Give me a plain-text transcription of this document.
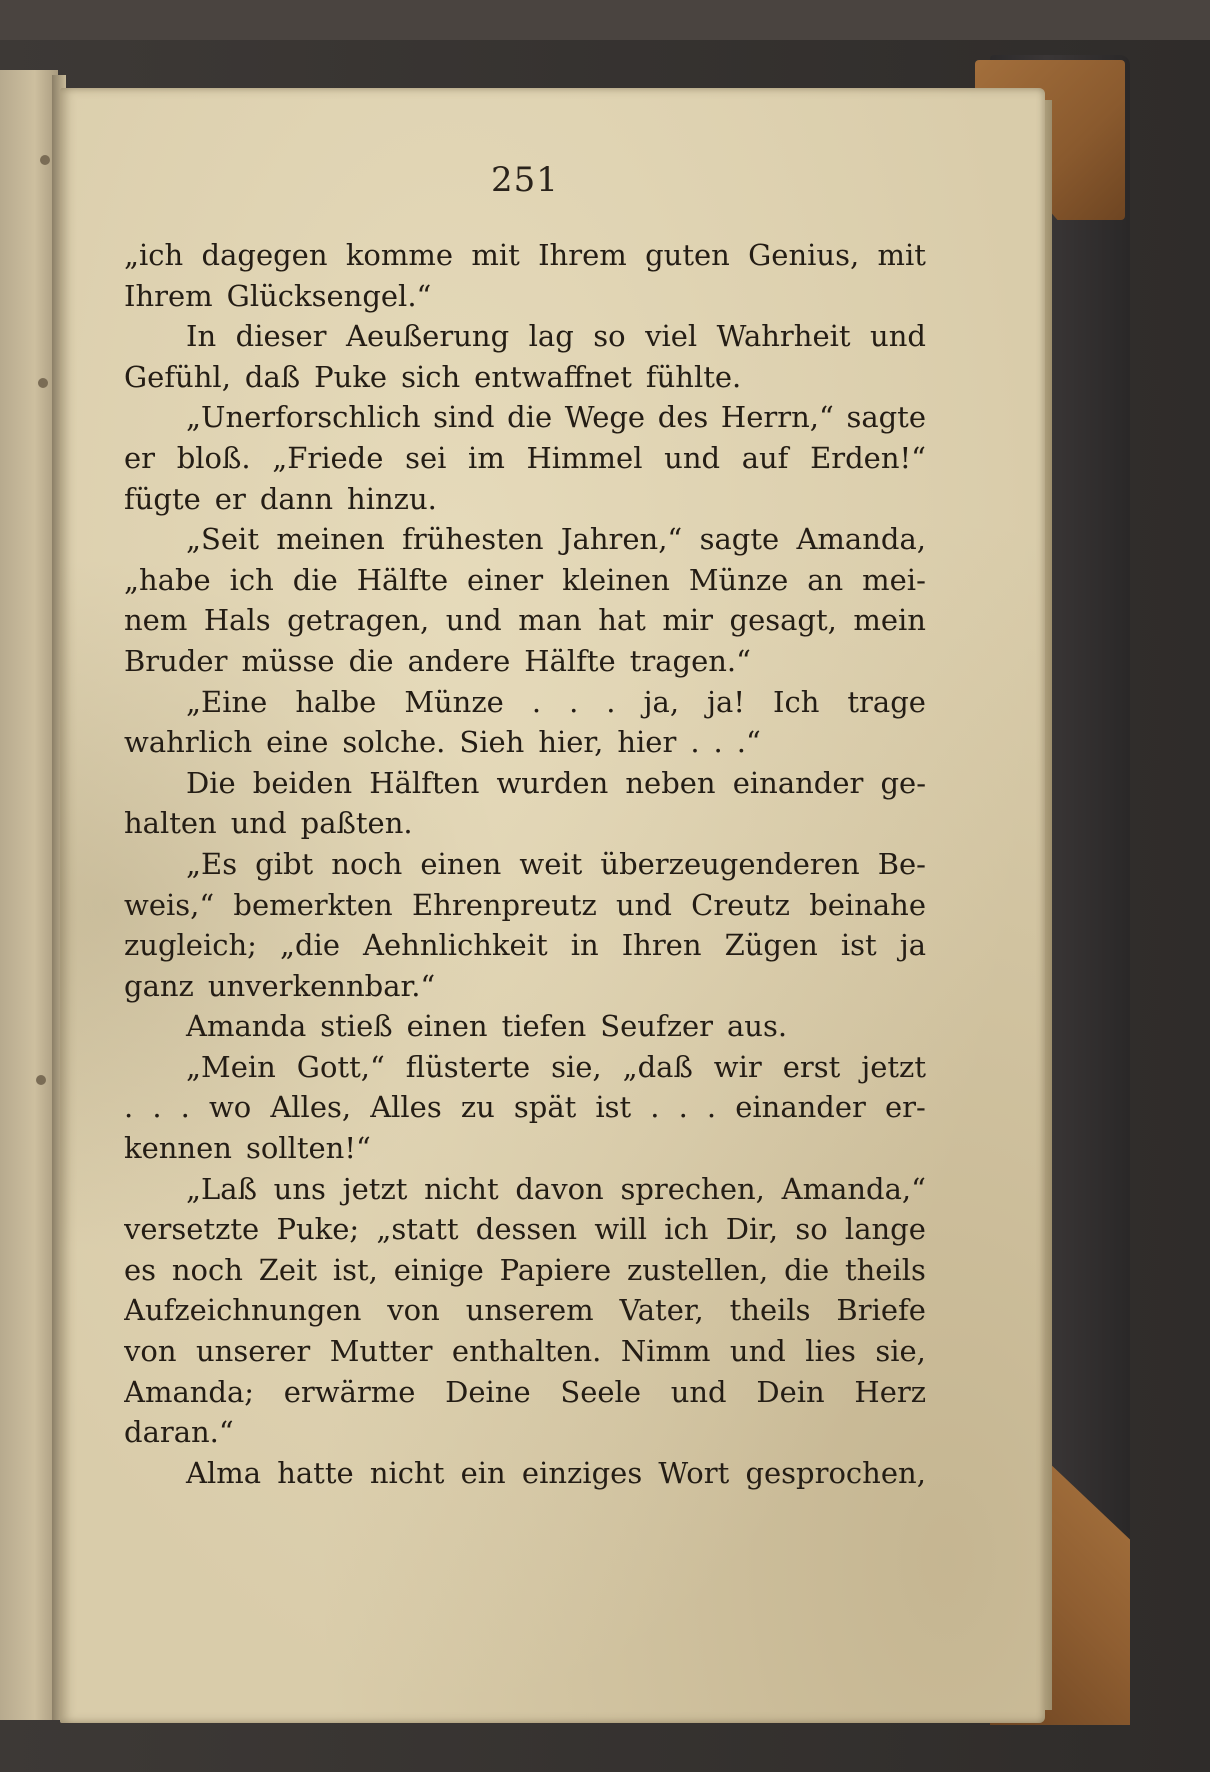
251
„ich dagegen komme mit Ihrem guten Genius, mit
Ihrem Glücksengel.“
In dieser Aeußerung lag so viel Wahrheit und
Gefühl, daß Puke sich entwaffnet fühlte.
„Unerforschlich sind die Wege des Herrn,“ sagte
er bloß. „Friede sei im Himmel und auf Erden!“
fügte er dann hinzu.
„Seit meinen frühesten Jahren,“ sagte Amanda,
„habe ich die Hälfte einer kleinen Münze an mei-
nem Hals getragen, und man hat mir gesagt, mein
Bruder müsse die andere Hälfte tragen.“
„Eine halbe Münze . . . ja, ja! Ich trage
wahrlich eine solche. Sieh hier, hier . . .“
Die beiden Hälften wurden neben einander ge-
halten und paßten.
„Es gibt noch einen weit überzeugenderen Be-
weis,“ bemerkten Ehrenpreutz und Creutz beinahe
zugleich; „die Aehnlichkeit in Ihren Zügen ist ja
ganz unverkennbar.“
Amanda stieß einen tiefen Seufzer aus.
„Mein Gott,“ flüsterte sie, „daß wir erst jetzt
. . . wo Alles, Alles zu spät ist . . . einander er-
kennen sollten!“
„Laß uns jetzt nicht davon sprechen, Amanda,“
versetzte Puke; „statt dessen will ich Dir, so lange
es noch Zeit ist, einige Papiere zustellen, die theils
Aufzeichnungen von unserem Vater, theils Briefe
von unserer Mutter enthalten. Nimm und lies sie,
Amanda; erwärme Deine Seele und Dein Herz
daran.“
Alma hatte nicht ein einziges Wort gesprochen,
